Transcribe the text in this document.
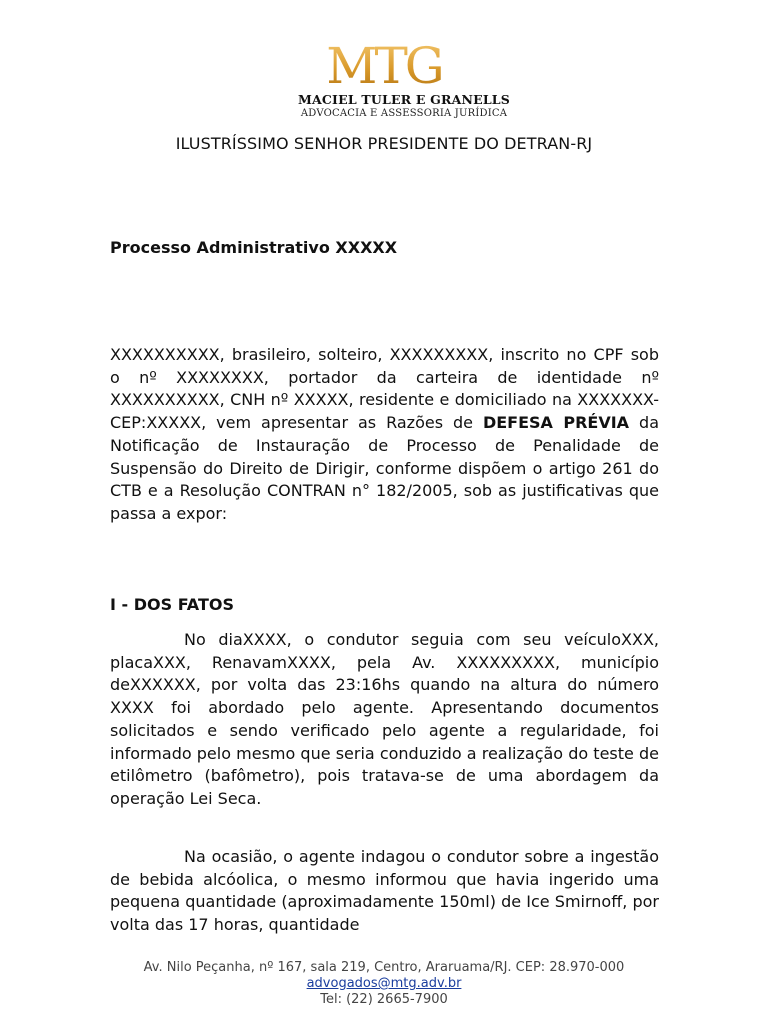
MTG
MACIEL TULER E GRANELLS
ADVOCACIA E ASSESSORIA JURÍDICA
ILUSTRÍSSIMO SENHOR PRESIDENTE DO DETRAN-RJ
Processo Administrativo XXXXX

XXXXXXXXXX, brasileiro, solteiro, XXXXXXXXX, inscrito no CPF sob o nº XXXXXXXX, portador da carteira de identidade nº XXXXXXXXXX, CNH nº XXXXX, residente e domiciliado na XXXXXXX- CEP:XXXXX, vem apresentar as Razões de DEFESA PRÉVIA da Notificação de Instauração de Processo de Penalidade de Suspensão do Direito de Dirigir, conforme dispõem o artigo 261 do CTB e a Resolução CONTRAN n° 182/2005, sob as justificativas que passa a expor:

I - DOS FATOS

No diaXXXX, o condutor seguia com seu veículoXXX, placaXXX, RenavamXXXX, pela Av. XXXXXXXXX, município deXXXXXX, por volta das 23:16hs quando na altura do número XXXX foi abordado pelo agente. Apresentando documentos solicitados e sendo verificado pelo agente a regularidade, foi informado pelo mesmo que seria conduzido a realização do teste de etilômetro (bafômetro), pois tratava-se de uma abordagem da operação Lei Seca.

Na ocasião, o agente indagou o condutor sobre a ingestão de bebida alcóolica, o mesmo informou que havia ingerido uma pequena quantidade (aproximadamente 150ml) de Ice Smirnoff, por volta das 17 horas, quantidade

Av. Nilo Peçanha, nº 167, sala 219, Centro, Araruama/RJ. CEP: 28.970-000
advogados@mtg.adv.br
Tel: (22) 2665-7900
